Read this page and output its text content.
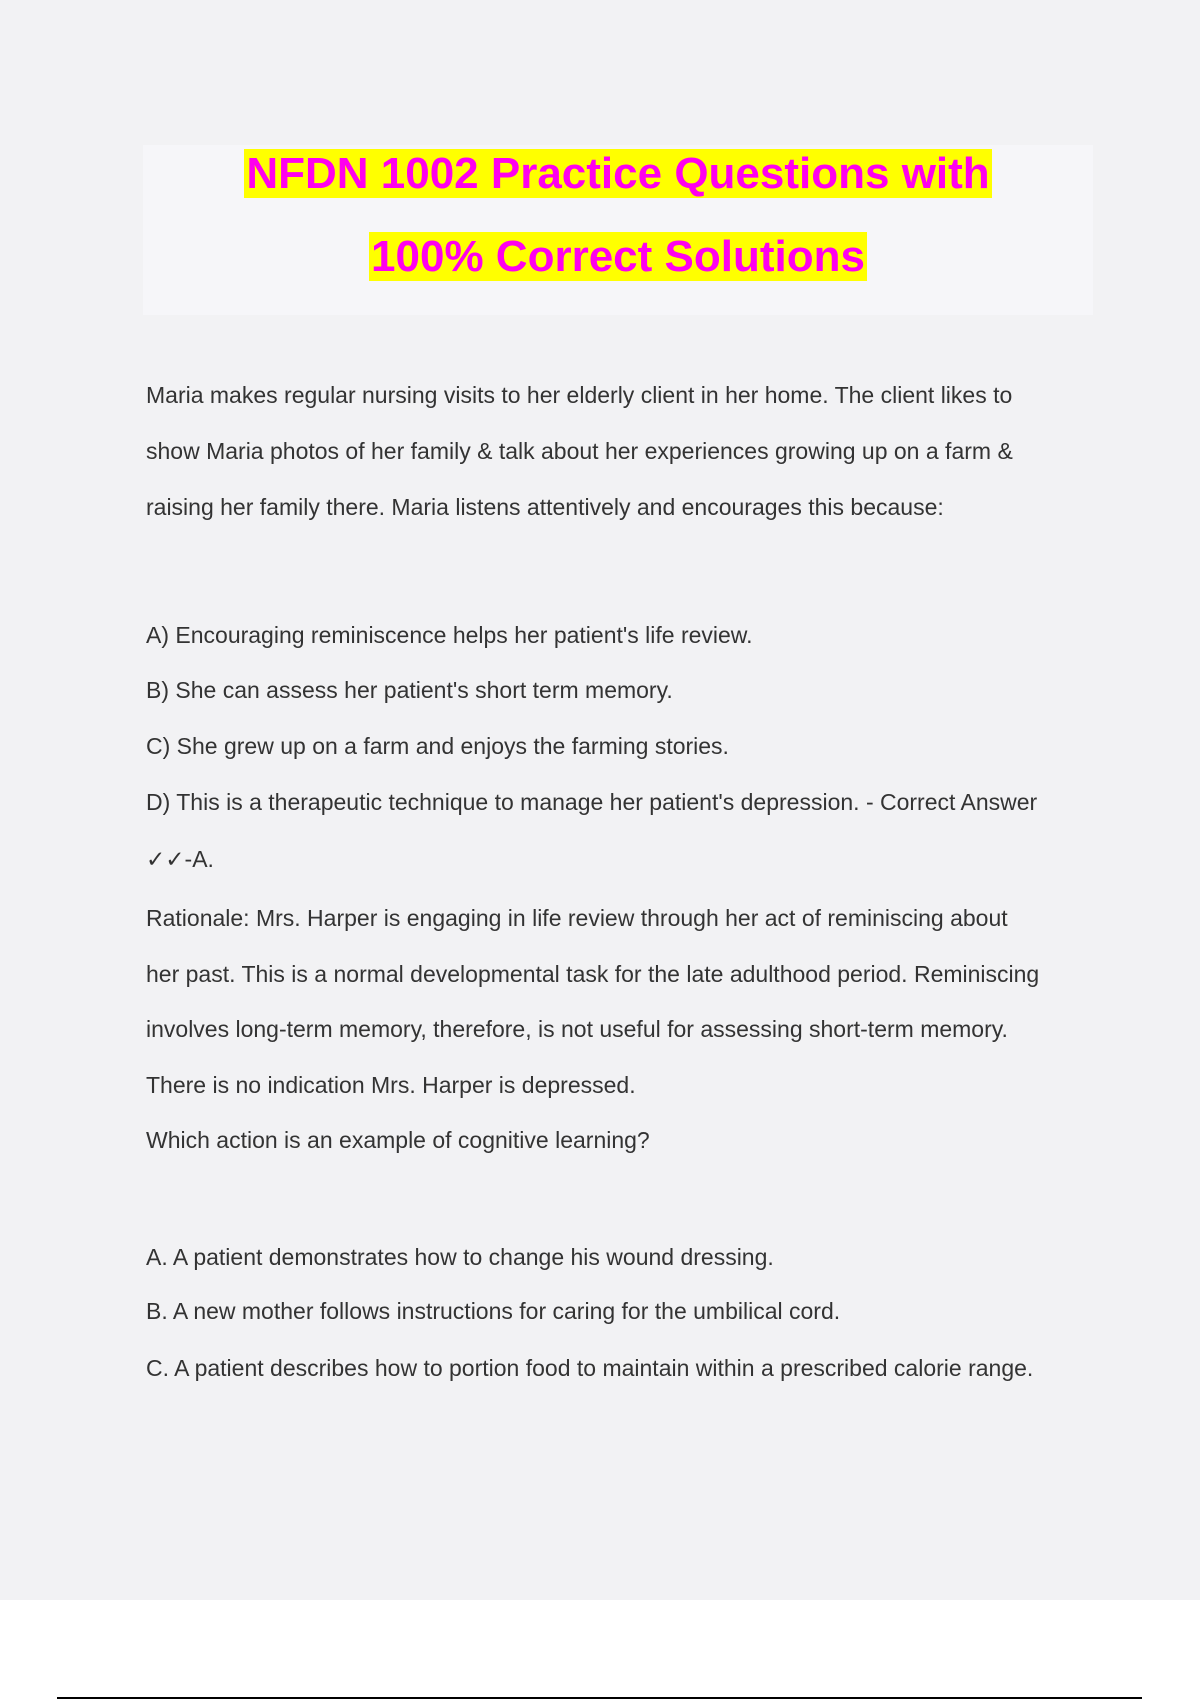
NFDN 1002 Practice Questions with
100% Correct Solutions
Maria makes regular nursing visits to her elderly client in her home. The client likes to
show Maria photos of her family & talk about her experiences growing up on a farm &
raising her family there. Maria listens attentively and encourages this because:
A) Encouraging reminiscence helps her patient's life review.
B) She can assess her patient's short term memory.
C) She grew up on a farm and enjoys the farming stories.
D) This is a therapeutic technique to manage her patient's depression. - Correct Answer
✓✓-A.
Rationale: Mrs. Harper is engaging in life review through her act of reminiscing about
her past. This is a normal developmental task for the late adulthood period. Reminiscing
involves long-term memory, therefore, is not useful for assessing short-term memory.
There is no indication Mrs. Harper is depressed.
Which action is an example of cognitive learning?
A. A patient demonstrates how to change his wound dressing.
B. A new mother follows instructions for caring for the umbilical cord.
C. A patient describes how to portion food to maintain within a prescribed calorie range.
